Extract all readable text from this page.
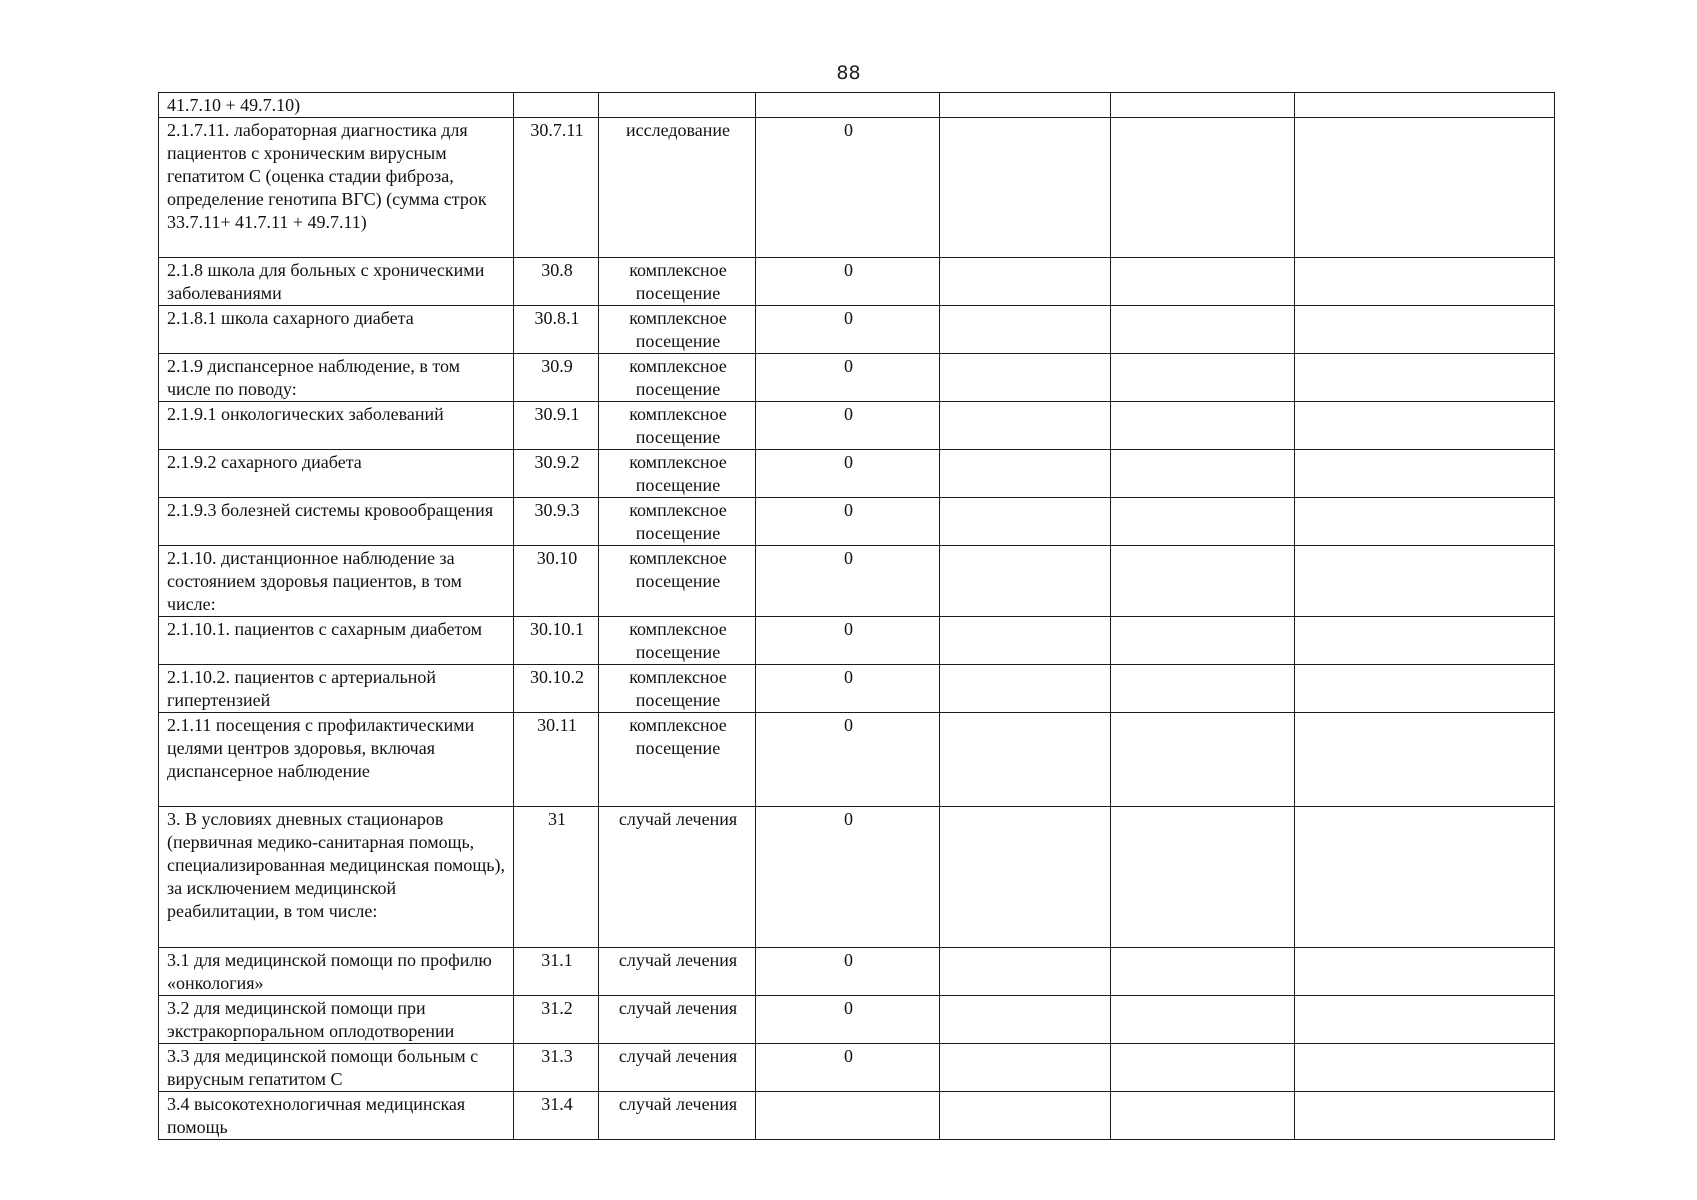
88
41.7.10 + 49.7.10)						
2.1.7.11. лабораторная диагностика для пациентов с хроническим вирусным гепатитом С (оценка стадии фиброза, определение генотипа ВГС) (сумма строк 33.7.11+ 41.7.11 + 49.7.11)	30.7.11	исследование	0			
2.1.8 школа для больных с хроническими заболеваниями	30.8	комплексное посещение	0			
2.1.8.1 школа сахарного диабета	30.8.1	комплексное посещение	0			
2.1.9 диспансерное наблюдение, в том числе по поводу:	30.9	комплексное посещение	0			
2.1.9.1 онкологических заболеваний	30.9.1	комплексное посещение	0			
2.1.9.2 сахарного диабета	30.9.2	комплексное посещение	0			
2.1.9.3 болезней системы кровообращения	30.9.3	комплексное посещение	0			
2.1.10. дистанционное наблюдение за состоянием здоровья пациентов, в том числе:	30.10	комплексное посещение	0			
2.1.10.1. пациентов с сахарным диабетом	30.10.1	комплексное посещение	0			
2.1.10.2. пациентов с артериальной гипертензией	30.10.2	комплексное посещение	0			
2.1.11 посещения с профилактическими целями центров здоровья, включая диспансерное наблюдение	30.11	комплексное посещение	0			
3. В условиях дневных стационаров (первичная медико-санитарная помощь, специализированная медицинская помощь), за исключением медицинской реабилитации, в том числе:	31	случай лечения	0			
3.1 для медицинской помощи по профилю «онкология»	31.1	случай лечения	0			
3.2 для медицинской помощи при экстракорпоральном оплодотворении	31.2	случай лечения	0			
3.3 для медицинской помощи больным с вирусным гепатитом С	31.3	случай лечения	0			
3.4 высокотехнологичная медицинская помощь	31.4	случай лечения				
